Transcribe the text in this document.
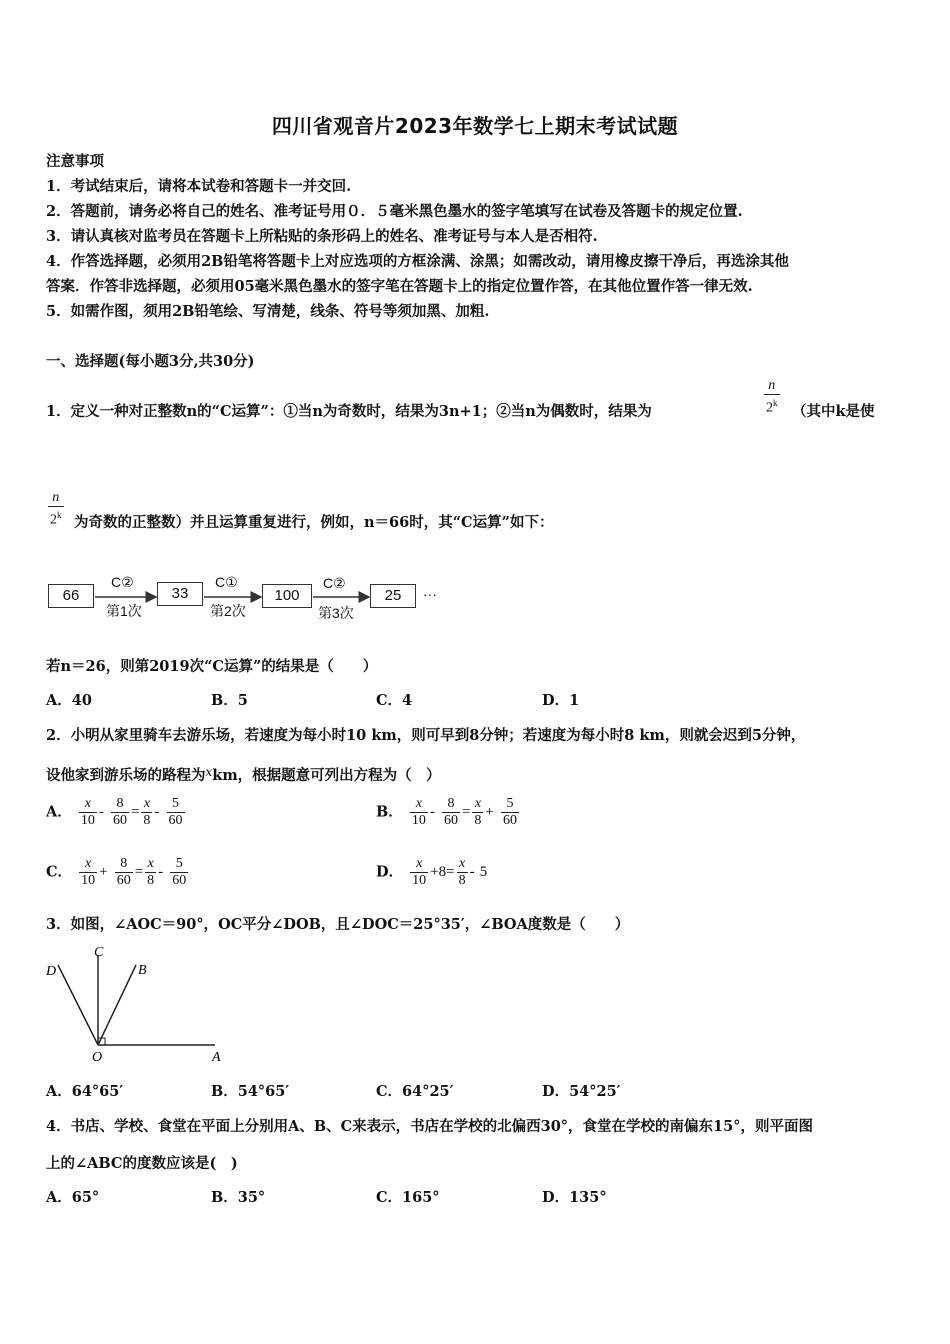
四川省观音片2023年数学七上期末考试试题
注意事项
1．考试结束后，请将本试卷和答题卡一并交回.
2．答题前，请务必将自己的姓名、准考证号用０．５毫米黑色墨水的签字笔填写在试卷及答题卡的规定位置.
3．请认真核对监考员在答题卡上所粘贴的条形码上的姓名、准考证号与本人是否相符.
4．作答选择题，必须用2B铅笔将答题卡上对应选项的方框涂满、涂黑；如需改动，请用橡皮擦干净后，再选涂其他
答案．作答非选择题，必须用05毫米黑色墨水的签字笔在答题卡上的指定位置作答，在其他位置作答一律无效.
5．如需作图，须用2B铅笔绘、写清楚，线条、符号等须加黑、加粗.
一、选择题(每小题3分,共30分)
1．定义一种对正整数n的“C运算”：①当n为奇数时，结果为3n+1；②当n为偶数时，结果为	$\frac{n}{2^k}$ （其中k是使
$\frac{n}{2^k}$ 为奇数的正整数）并且运算重复进行，例如，n＝66时，其“C运算”如下：
66	33	100	25	···
C②	C①	C②
第1次	第2次	第3次
若n＝26，则第2019次“C运算”的结果是（　　）
A．40	B．5	C．4	D．1
2．小明从家里骑车去游乐场，若速度为每小时10 km，则可早到8分钟；若速度为每小时8 km，则就会迟到5分钟，
设他家到游乐场的路程为$^x$km，根据题意可列出方程为（　）
A． $\frac{x}{10} - \frac{8}{60} = \frac{x}{8} - \frac{5}{60}$	B． $\frac{x}{10} - \frac{8}{60} = \frac{x}{8} + \frac{5}{60}$
C． $\frac{x}{10} + \frac{8}{60} = \frac{x}{8} - \frac{5}{60}$	D． $\frac{x}{10} +8= \frac{x}{8} - 5$
3．如图，∠AOC＝90°，OC平分∠DOB，且∠DOC＝25°35′，∠BOA度数是（　　）
C
D	B
O	A
A．64°65′	B．54°65′	C．64°25′	D．54°25′
4．书店、学校、食堂在平面上分别用A、B、C来表示，书店在学校的北偏西30°，食堂在学校的南偏东15°，则平面图
上的∠ABC的度数应该是(　)
A．65°	B．35°	C．165°	D．135°
